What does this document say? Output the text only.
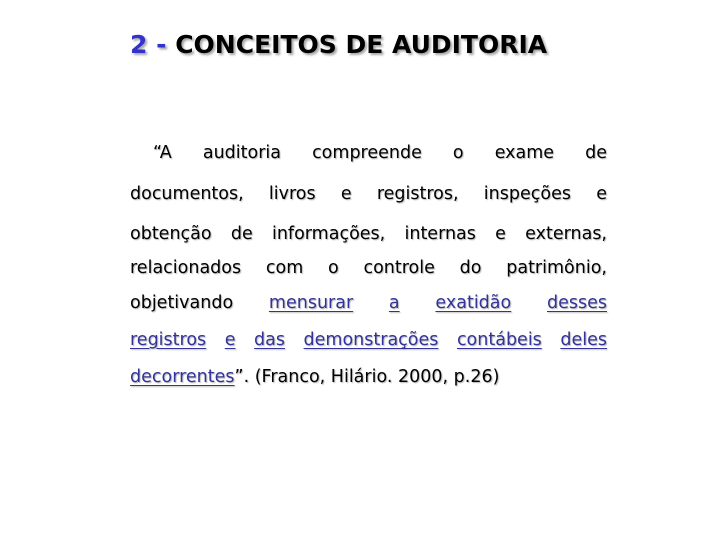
2 - CONCEITOS DE AUDITORIA
“A auditoria compreende o exame de
documentos, livros e registros, inspeções e
obtenção de informações, internas e externas,
relacionados com o controle do patrimônio,
objetivando mensurar a exatidão desses
registros e das demonstrações contábeis deles
decorrentes ”. (Franco, Hilário. 2000, p.26)
